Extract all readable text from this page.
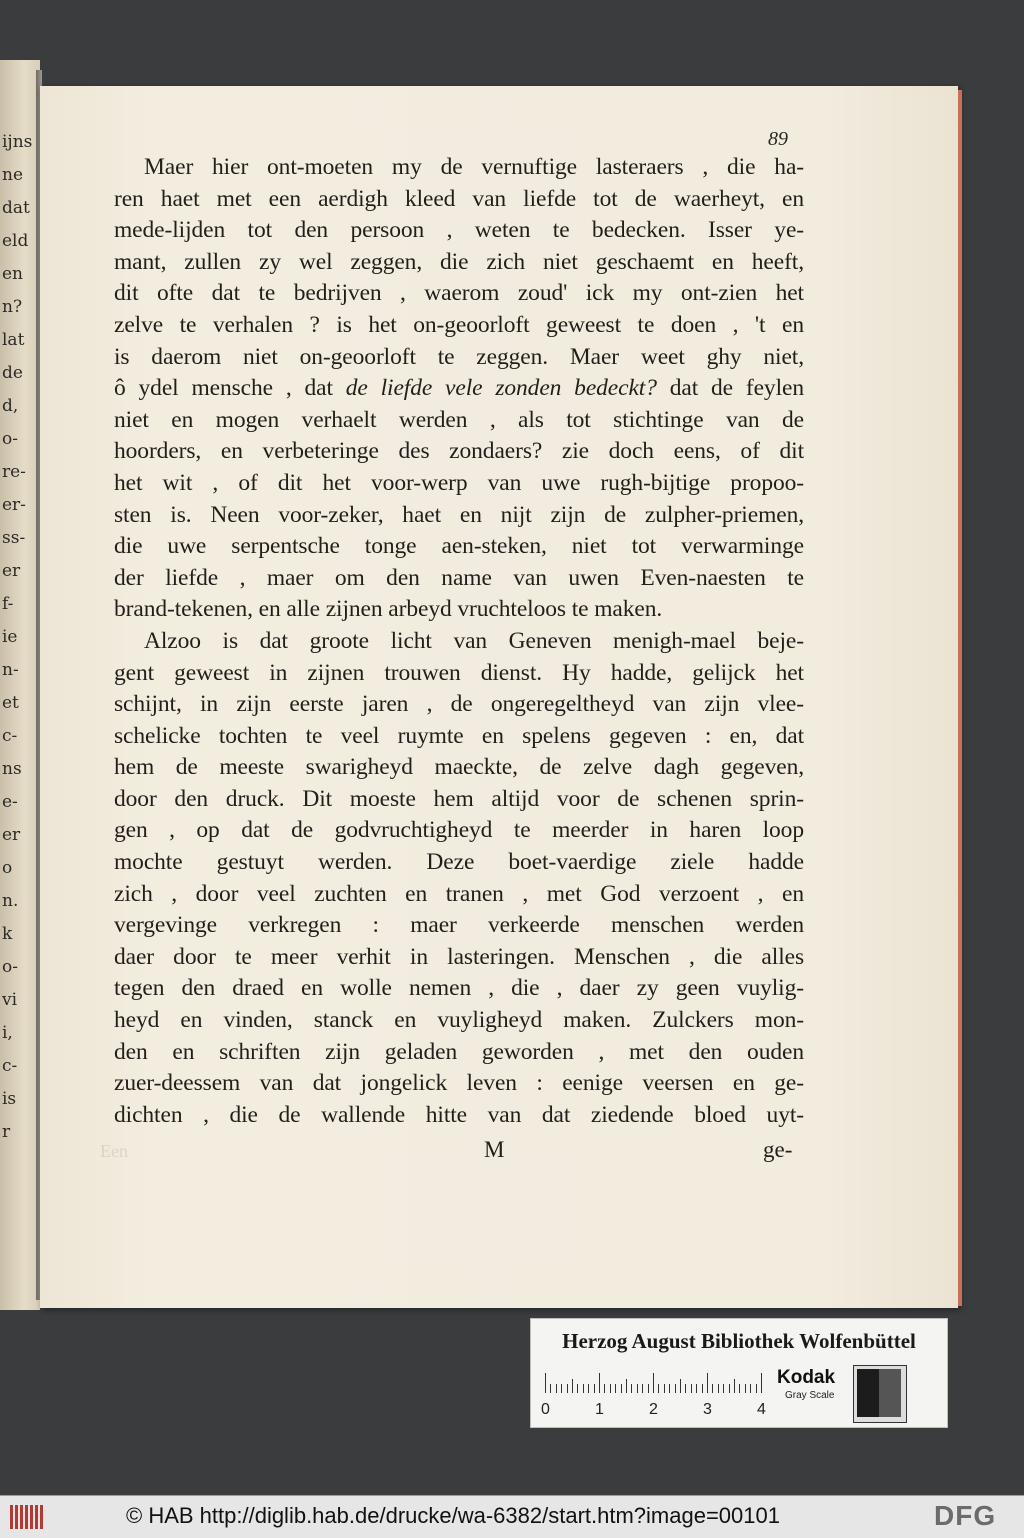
ijns
ne
dat
eld
en
n?
lat
de
d,
o-
re-
er-
ss-
er
f-
ie
n-
et
c-
ns
e-
er
o
n.
k
o-
vi
i,
c-
is
r
89
Maer hier ont-moeten my de vernuftige lasteraers , die ha-
ren haet met een aerdigh kleed van liefde tot de waerheyt, en
mede-lijden tot den persoon , weten te bedecken. Isser ye-
mant, zullen zy wel zeggen, die zich niet geschaemt en heeft,
dit ofte dat te bedrijven , waerom zoud' ick my ont-zien het
zelve te verhalen ? is het on-geoorloft geweest te doen , 't en
is daerom niet on-geoorloft te zeggen. Maer weet ghy niet,
ô ydel mensche , dat de liefde vele zonden bedeckt? dat de feylen
niet en mogen verhaelt werden , als tot stichtinge van de
hoorders, en verbeteringe des zondaers? zie doch eens, of dit
het wit , of dit het voor-werp van uwe rugh-bijtige propoo-
sten is. Neen voor-zeker, haet en nijt zijn de zulpher-priemen,
die uwe serpentsche tonge aen-steken, niet tot verwarminge
der liefde , maer om den name van uwen Even-naesten te
brand-tekenen, en alle zijnen arbeyd vruchteloos te maken.
Alzoo is dat groote licht van Geneven menigh-mael beje-
gent geweest in zijnen trouwen dienst. Hy hadde, gelijck het
schijnt, in zijn eerste jaren , de ongeregeltheyd van zijn vlee-
schelicke tochten te veel ruymte en spelens gegeven : en, dat
hem de meeste swarigheyd maeckte, de zelve dagh gegeven,
door den druck. Dit moeste hem altijd voor de schenen sprin-
gen , op dat de godvruchtigheyd te meerder in haren loop
mochte gestuyt werden. Deze boet-vaerdige ziele hadde
zich , door veel zuchten en tranen , met God verzoent , en
vergevinge verkregen : maer verkeerde menschen werden
daer door te meer verhit in lasteringen. Menschen , die alles
tegen den draed en wolle nemen , die , daer zy geen vuylig-
heyd en vinden, stanck en vuyligheyd maken. Zulckers mon-
den en schriften zijn geladen geworden , met den ouden
zuer-deessem van dat jongelick leven : eenige veersen en ge-
dichten , die de wallende hitte van dat ziedende bloed uyt-
Een	M	ge-
Herzog August Bibliothek Wolfenbüttel
0	1	2	3	4
Kodak
Gray Scale
© HAB http://diglib.hab.de/drucke/wa-6382/start.htm?image=00101	DFG
